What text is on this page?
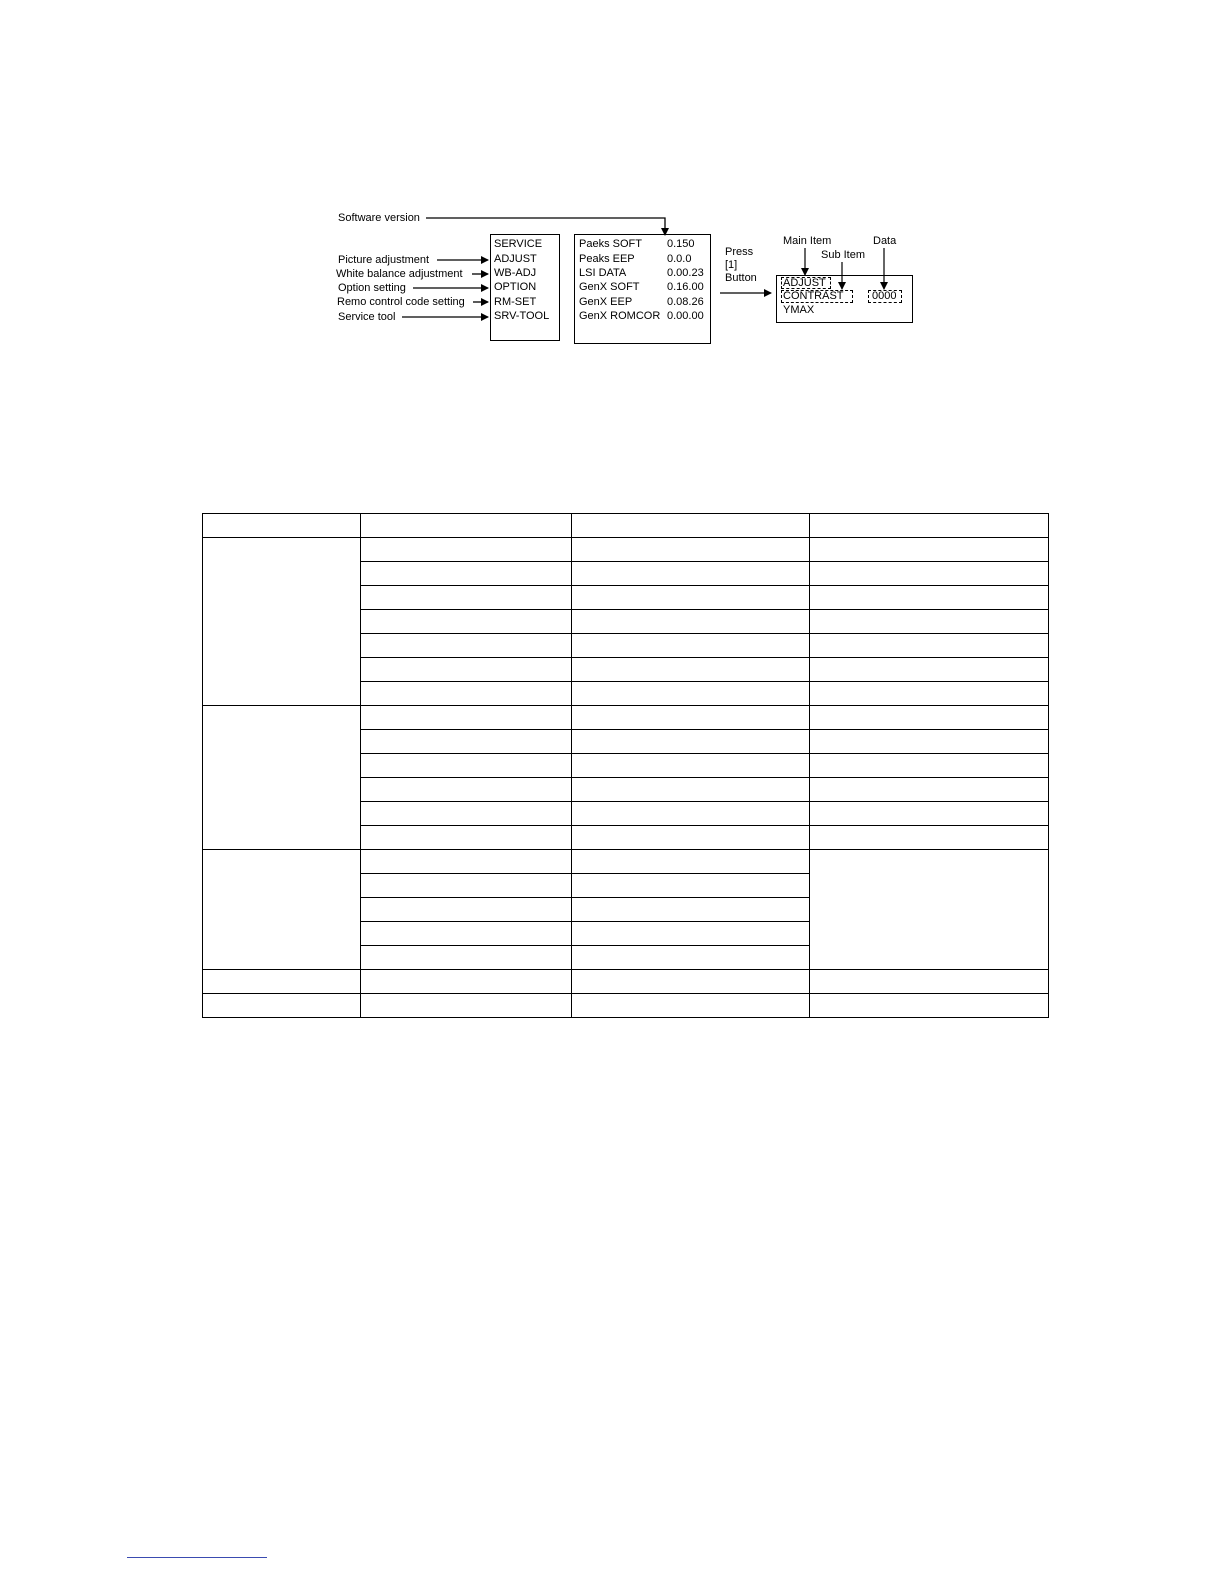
Software version
Picture adjustment
White balance adjustment
Option setting
Remo control code setting
Service tool
SERVICE
ADJUST
WB-ADJ
OPTION
RM-SET
SRV-TOOL
Paeks SOFT 0.150
Peaks EEP	0.0.0
LSI DATA	0.00.23
GenX SOFT 0.16.00
GenX EEP	0.08.26
GenX ROMCOR 0.00.00
Press
[1]
Button
Main Item
Sub Item
Data
ADJUST
CONTRAST	0000
YMAX
